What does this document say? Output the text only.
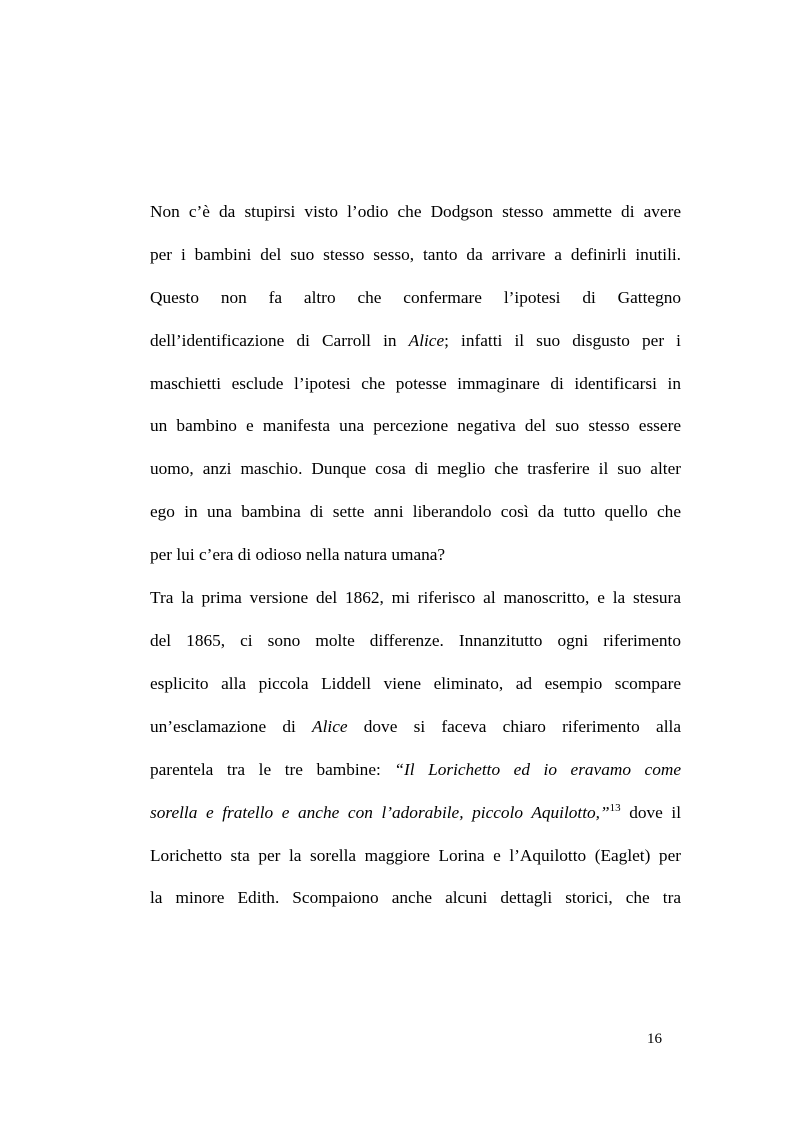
Non c’è da stupirsi visto l’odio che Dodgson stesso ammette di avere
per i bambini del suo stesso sesso, tanto da arrivare a definirli inutili.
Questo non fa altro che confermare l’ipotesi di Gattegno
dell’identificazione di Carroll in Alice; infatti il suo disgusto per i
maschietti esclude l’ipotesi che potesse immaginare di identificarsi in
un bambino e manifesta una percezione negativa del suo stesso essere
uomo, anzi maschio. Dunque cosa di meglio che trasferire il suo alter
ego in una bambina di sette anni liberandolo così da tutto quello che
per lui c’era di odioso nella natura umana?
Tra la prima versione del 1862, mi riferisco al manoscritto, e la stesura
del 1865, ci sono molte differenze. Innanzitutto ogni riferimento
esplicito alla piccola Liddell viene eliminato, ad esempio scompare
un’esclamazione di Alice dove si faceva chiaro riferimento alla
parentela tra le tre bambine: “Il Lorichetto ed io eravamo come
sorella e fratello e anche con l’adorabile, piccolo Aquilotto,”$^{13}$ dove il
Lorichetto sta per la sorella maggiore Lorina e l’Aquilotto (Eaglet) per
la minore Edith. Scompaiono anche alcuni dettagli storici, che tra
16
